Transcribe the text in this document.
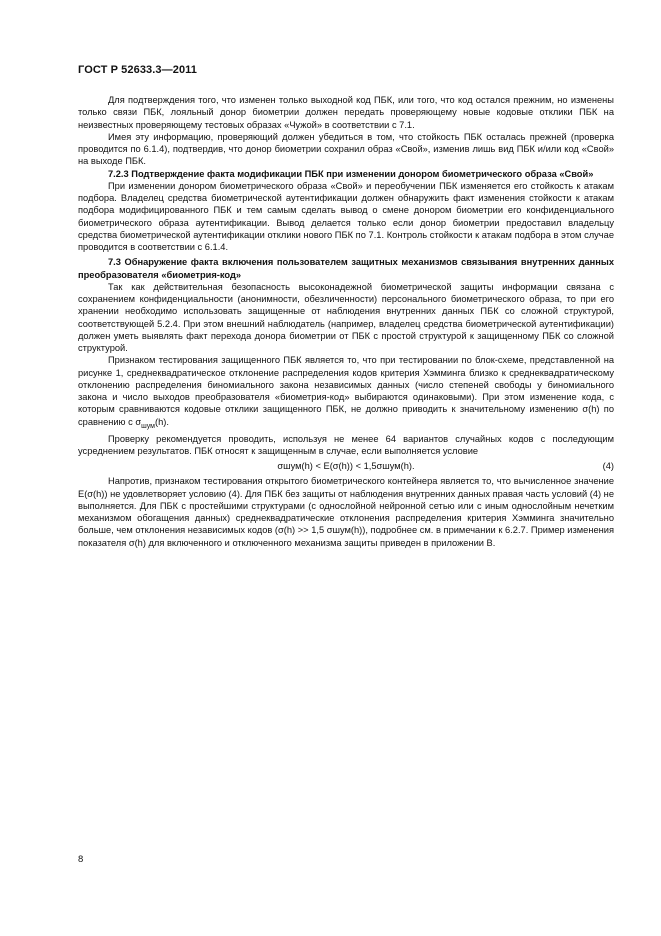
ГОСТ Р 52633.3—2011

Для подтверждения того, что изменен только выходной код ПБК, или того, что код остался прежним, но изменены только связи ПБК, лояльный донор биометрии должен передать проверяющему новые кодовые отклики ПБК на неизвестных проверяющему тестовых образах «Чужой» в соответствии с 7.1.

Имея эту информацию, проверяющий должен убедиться в том, что стойкость ПБК осталась прежней (проверка проводится по 6.1.4), подтвердив, что донор биометрии сохранил образ «Свой», изменив лишь вид ПБК и/или код «Свой» на выходе ПБК.

7.2.3 Подтверждение факта модификации ПБК при изменении донором биометрического образа «Свой»

При изменении донором биометрического образа «Свой» и переобучении ПБК изменяется его стойкость к атакам подбора. Владелец средства биометрической аутентификации должен обнаружить факт изменения стойкости к атакам подбора модифицированного ПБК и тем самым сделать вывод о смене донором биометрии его конфиденциального биометрического образа аутентификации. Вывод делается только если донор биометрии предоставил владельцу средства биометрической аутентификации отклики нового ПБК по 7.1. Контроль стойкости к атакам подбора в этом случае проводится в соответствии с 6.1.4.

7.3 Обнаружение факта включения пользователем защитных механизмов связывания внутренних данных преобразователя «биометрия-код»

Так как действительная безопасность высоконадежной биометрической защиты информации связана с сохранением конфиденциальности (анонимности, обезличенности) персонального биометрического образа, то при его хранении необходимо использовать защищенные от наблюдения внутренних данных ПБК со сложной структурой, соответствующей 5.2.4. При этом внешний наблюдатель (например, владелец средства биометрической аутентификации) должен уметь выявлять факт перехода донора биометрии от ПБК с простой структурой к защищенному ПБК со сложной структурой.

Признаком тестирования защищенного ПБК является то, что при тестировании по блок-схеме, представленной на рисунке 1, среднеквадратическое отклонение распределения кодов критерия Хэмминга близко к среднеквадратическому отклонению распределения биномиального закона независимых данных (число степеней свободы у биномиального закона и число выходов преобразователя «биометрия-код» выбираются одинаковыми). При этом изменение кода, с которым сравниваются кодовые отклики защищенного ПБК, не должно приводить к значительному изменению σ(h) по сравнению с $\sigma_{шум}(h)$.

Проверку рекомендуется проводить, используя не менее 64 вариантов случайных кодов с последующим усреднением результатов. ПБК относят к защищенным в случае, если выполняется условие

σшум(h) < E(σ(h)) < 1,5σшум(h).	(4)

Напротив, признаком тестирования открытого биометрического контейнера является то, что вычисленное значение E(σ(h)) не удовлетворяет условию (4). Для ПБК без защиты от наблюдения внутренних данных правая часть условий (4) не выполняется. Для ПБК с простейшими структурами (с однослойной нейронной сетью или с иным однослойным нечетким механизмом обогащения данных) среднеквадратические отклонения распределения критерия Хэмминга значительно больше, чем отклонения независимых кодов (σ(h) >> 1,5 σшум(h)), подробнее см. в примечании к 6.2.7. Пример изменения показателя σ(h) для включенного и отключенного механизма защиты приведен в приложении В.

8
